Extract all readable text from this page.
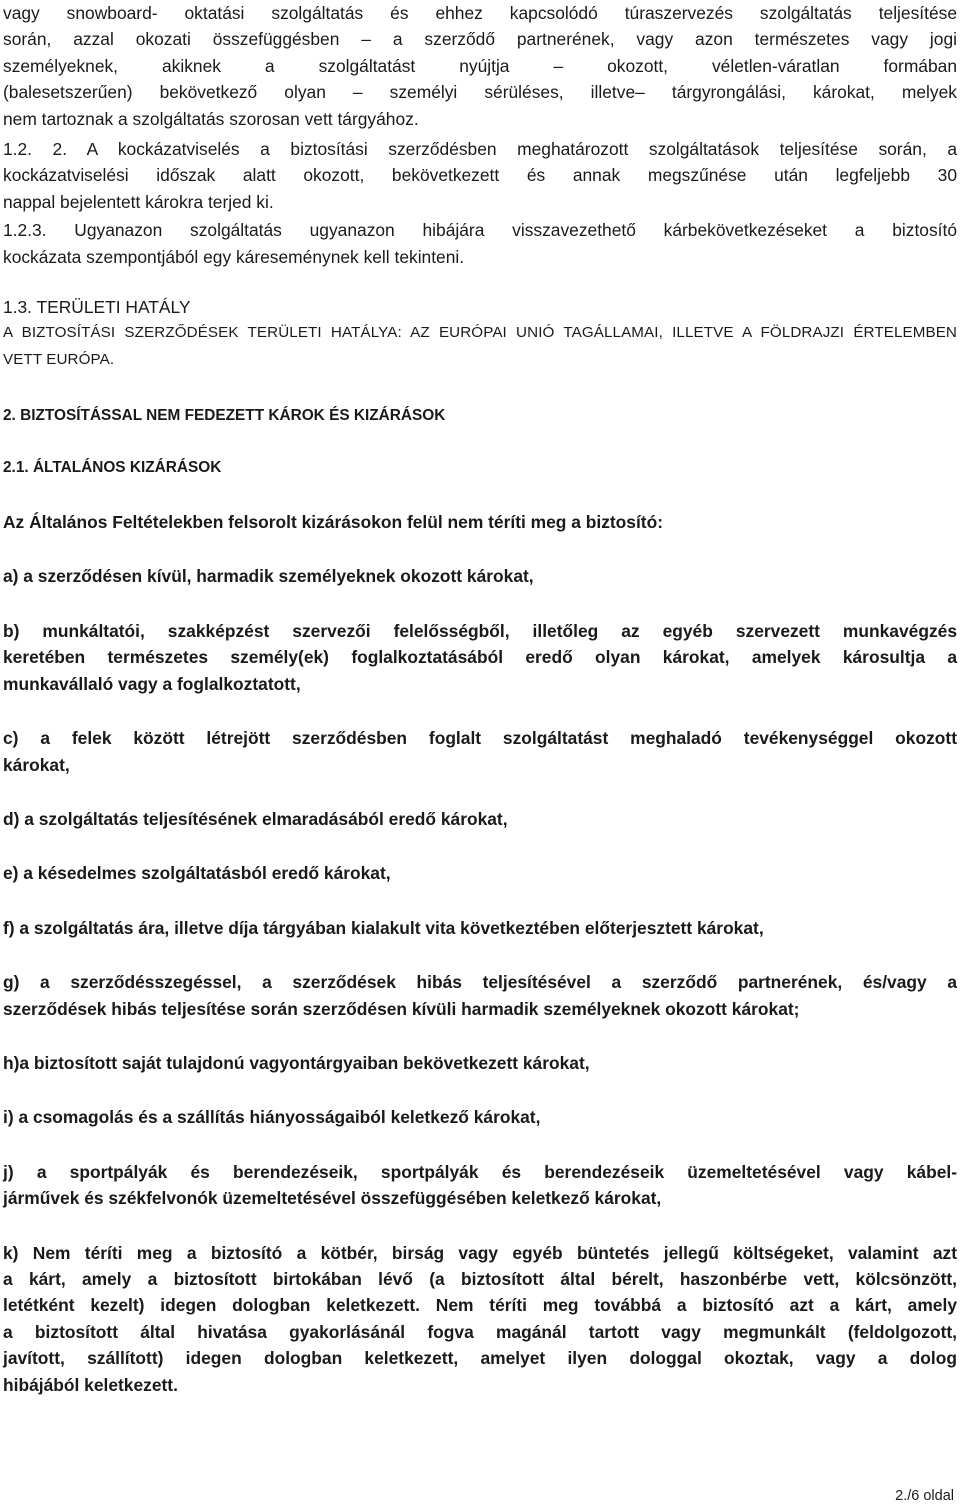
vagy snowboard- oktatási szolgáltatás és ehhez kapcsolódó túraszervezés szolgáltatás teljesítése
során, azzal okozati összefüggésben – a szerződő partnerének, vagy azon természetes vagy jogi
személyeknek, akiknek a szolgáltatást nyújtja – okozott, véletlen-váratlan formában
(balesetszerűen) bekövetkező olyan – személyi sérüléses, illetve– tárgyrongálási, károkat, melyek
nem tartoznak a szolgáltatás szorosan vett tárgyához.

1.2. 2. A kockázatviselés a biztosítási szerződésben meghatározott szolgáltatások teljesítése során, a
kockázatviselési időszak alatt okozott, bekövetkezett és annak megszűnése után legfeljebb 30
nappal bejelentett károkra terjed ki.

1.2.3. Ugyanazon szolgáltatás ugyanazon hibájára visszavezethető kárbekövetkezéseket a biztosító
kockázata szempontjából egy káreseménynek kell tekinteni.

1.3. TERÜLETI HATÁLY

A BIZTOSÍTÁSI SZERZŐDÉSEK TERÜLETI HATÁLYA: AZ EURÓPAI UNIÓ TAGÁLLAMAI, ILLETVE A FÖLDRAJZI ÉRTELEMBEN
VETT EURÓPA.

2. BIZTOSÍTÁSSAL NEM FEDEZETT KÁROK ÉS KIZÁRÁSOK
2.1. ÁLTALÁNOS KIZÁRÁSOK

Az Általános Feltételekben felsorolt kizárásokon felül nem téríti meg a biztosító:

a) a szerződésen kívül, harmadik személyeknek okozott károkat,

b) munkáltatói, szakképzést szervezői felelősségből, illetőleg az egyéb szervezett munkavégzés
keretében természetes személy(ek) foglalkoztatásából eredő olyan károkat, amelyek károsultja a
munkavállaló vagy a foglalkoztatott,

c) a felek között létrejött szerződésben foglalt szolgáltatást meghaladó tevékenységgel okozott
károkat,

d) a szolgáltatás teljesítésének elmaradásából eredő károkat,

e) a késedelmes szolgáltatásból eredő károkat,

f) a szolgáltatás ára, illetve díja tárgyában kialakult vita következtében előterjesztett károkat,

g) a szerződésszegéssel, a szerződések hibás teljesítésével a szerződő partnerének, és/vagy a
szerződések hibás teljesítése során szerződésen kívüli harmadik személyeknek okozott károkat;

h)a biztosított saját tulajdonú vagyontárgyaiban bekövetkezett károkat,

i) a csomagolás és a szállítás hiányosságaiból keletkező károkat,

j) a sportpályák és berendezéseik, sportpályák és berendezéseik üzemeltetésével vagy kábel-
járművek és székfelvonók üzemeltetésével összefüggésében keletkező károkat,

k) Nem téríti meg a biztosító a kötbér, birság vagy egyéb büntetés jellegű költségeket, valamint azt
a kárt, amely a biztosított birtokában lévő (a biztosított által bérelt, haszonbérbe vett, kölcsönzött,
letétként kezelt) idegen dologban keletkezett. Nem téríti meg továbbá a biztosító azt a kárt, amely
a biztosított által hivatása gyakorlásánál fogva magánál tartott vagy megmunkált (feldolgozott,
javított, szállított) idegen dologban keletkezett, amelyet ilyen dologgal okoztak, vagy a dolog
hibájából keletkezett.

2./6 oldal
